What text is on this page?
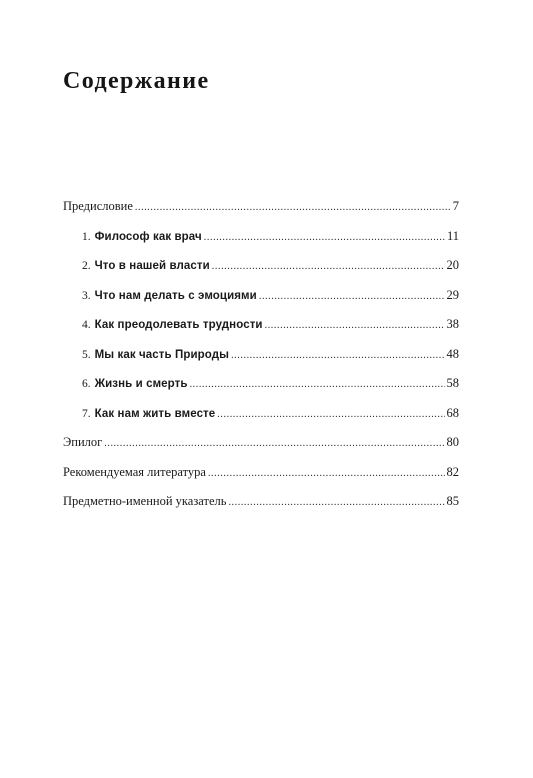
Содержание
Предисловие .....	7
1. Философ как врач .....	11
2. Что в нашей власти .....	20
3. Что нам делать с эмоциями .....	29
4. Как преодолевать трудности .....	38
5. Мы как часть Природы .....	48
6. Жизнь и смерть .....	58
7. Как нам жить вместе .....	68
Эпилог .....	80
Рекомендуемая литература .....	82
Предметно-именной указатель .....	85
